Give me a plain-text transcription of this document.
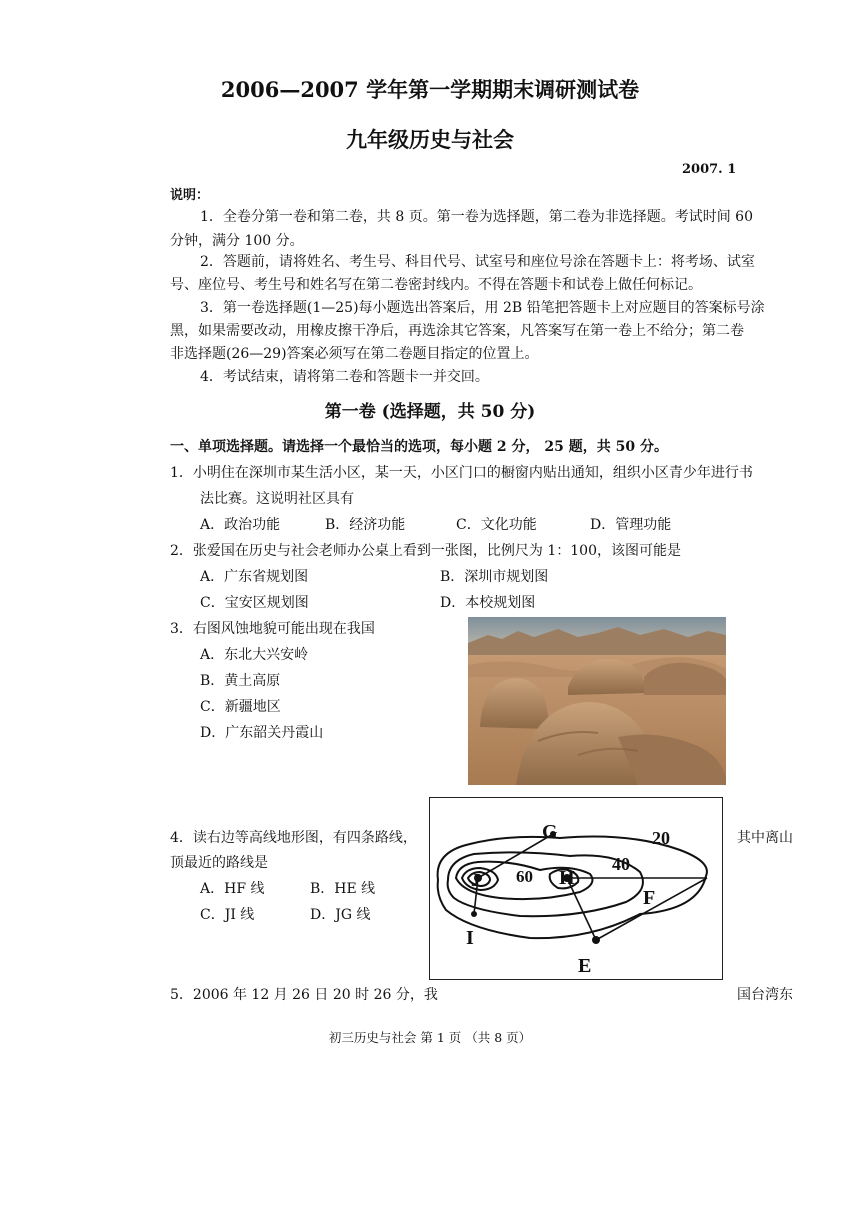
2006—2007 学年第一学期期末调研测试卷
九年级历史与社会
2007. 1
说明：
1．全卷分第一卷和第二卷，共 8 页。第一卷为选择题，第二卷为非选择题。考试时间 60
分钟，满分 100 分。
2．答题前，请将姓名、考生号、科目代号、试室号和座位号涂在答题卡上：将考场、试室
号、座位号、考生号和姓名写在第二卷密封线内。不得在答题卡和试卷上做任何标记。
3．第一卷选择题(1—25)每小题选出答案后，用 2B 铅笔把答题卡上对应题目的答案标号涂
黑，如果需要改动，用橡皮擦干净后，再选涂其它答案，凡答案写在第一卷上不给分；第二卷
非选择题(26—29)答案必须写在第二卷题目指定的位置上。
4．考试结束，请将第二卷和答题卡一并交回。
第一卷 (选择题，共 50 分)
一、单项选择题。请选择一个最恰当的选项，每小题 2 分， 25 题，共 50 分。
1．小明住在深圳市某生活小区，某一天，小区门口的橱窗内贴出通知，组织小区青少年进行书
法比赛。这说明社区具有
A．政治功能	B．经济功能	C．文化功能	D．管理功能
2．张爱国在历史与社会老师办公桌上看到一张图，比例尺为 1：100，该图可能是
A．广东省规划图	B．深圳市规划图
C．宝安区规划图	D．本校规划图
3．右图风蚀地貌可能出现在我国
A．东北大兴安岭
B．黄土高原
C．新疆地区
D．广东韶关丹霞山
4．读右边等高线地形图，有四条路线，	其中离山
顶最近的路线是
A．HF 线	B．HE 线
C．JI 线	D．JG 线
G	20
40
60 H
J
F
I
E
5．2006 年 12 月 26 日 20 时 26 分，我	国台湾东
初三历史与社会 第 1 页 （共 8 页）
